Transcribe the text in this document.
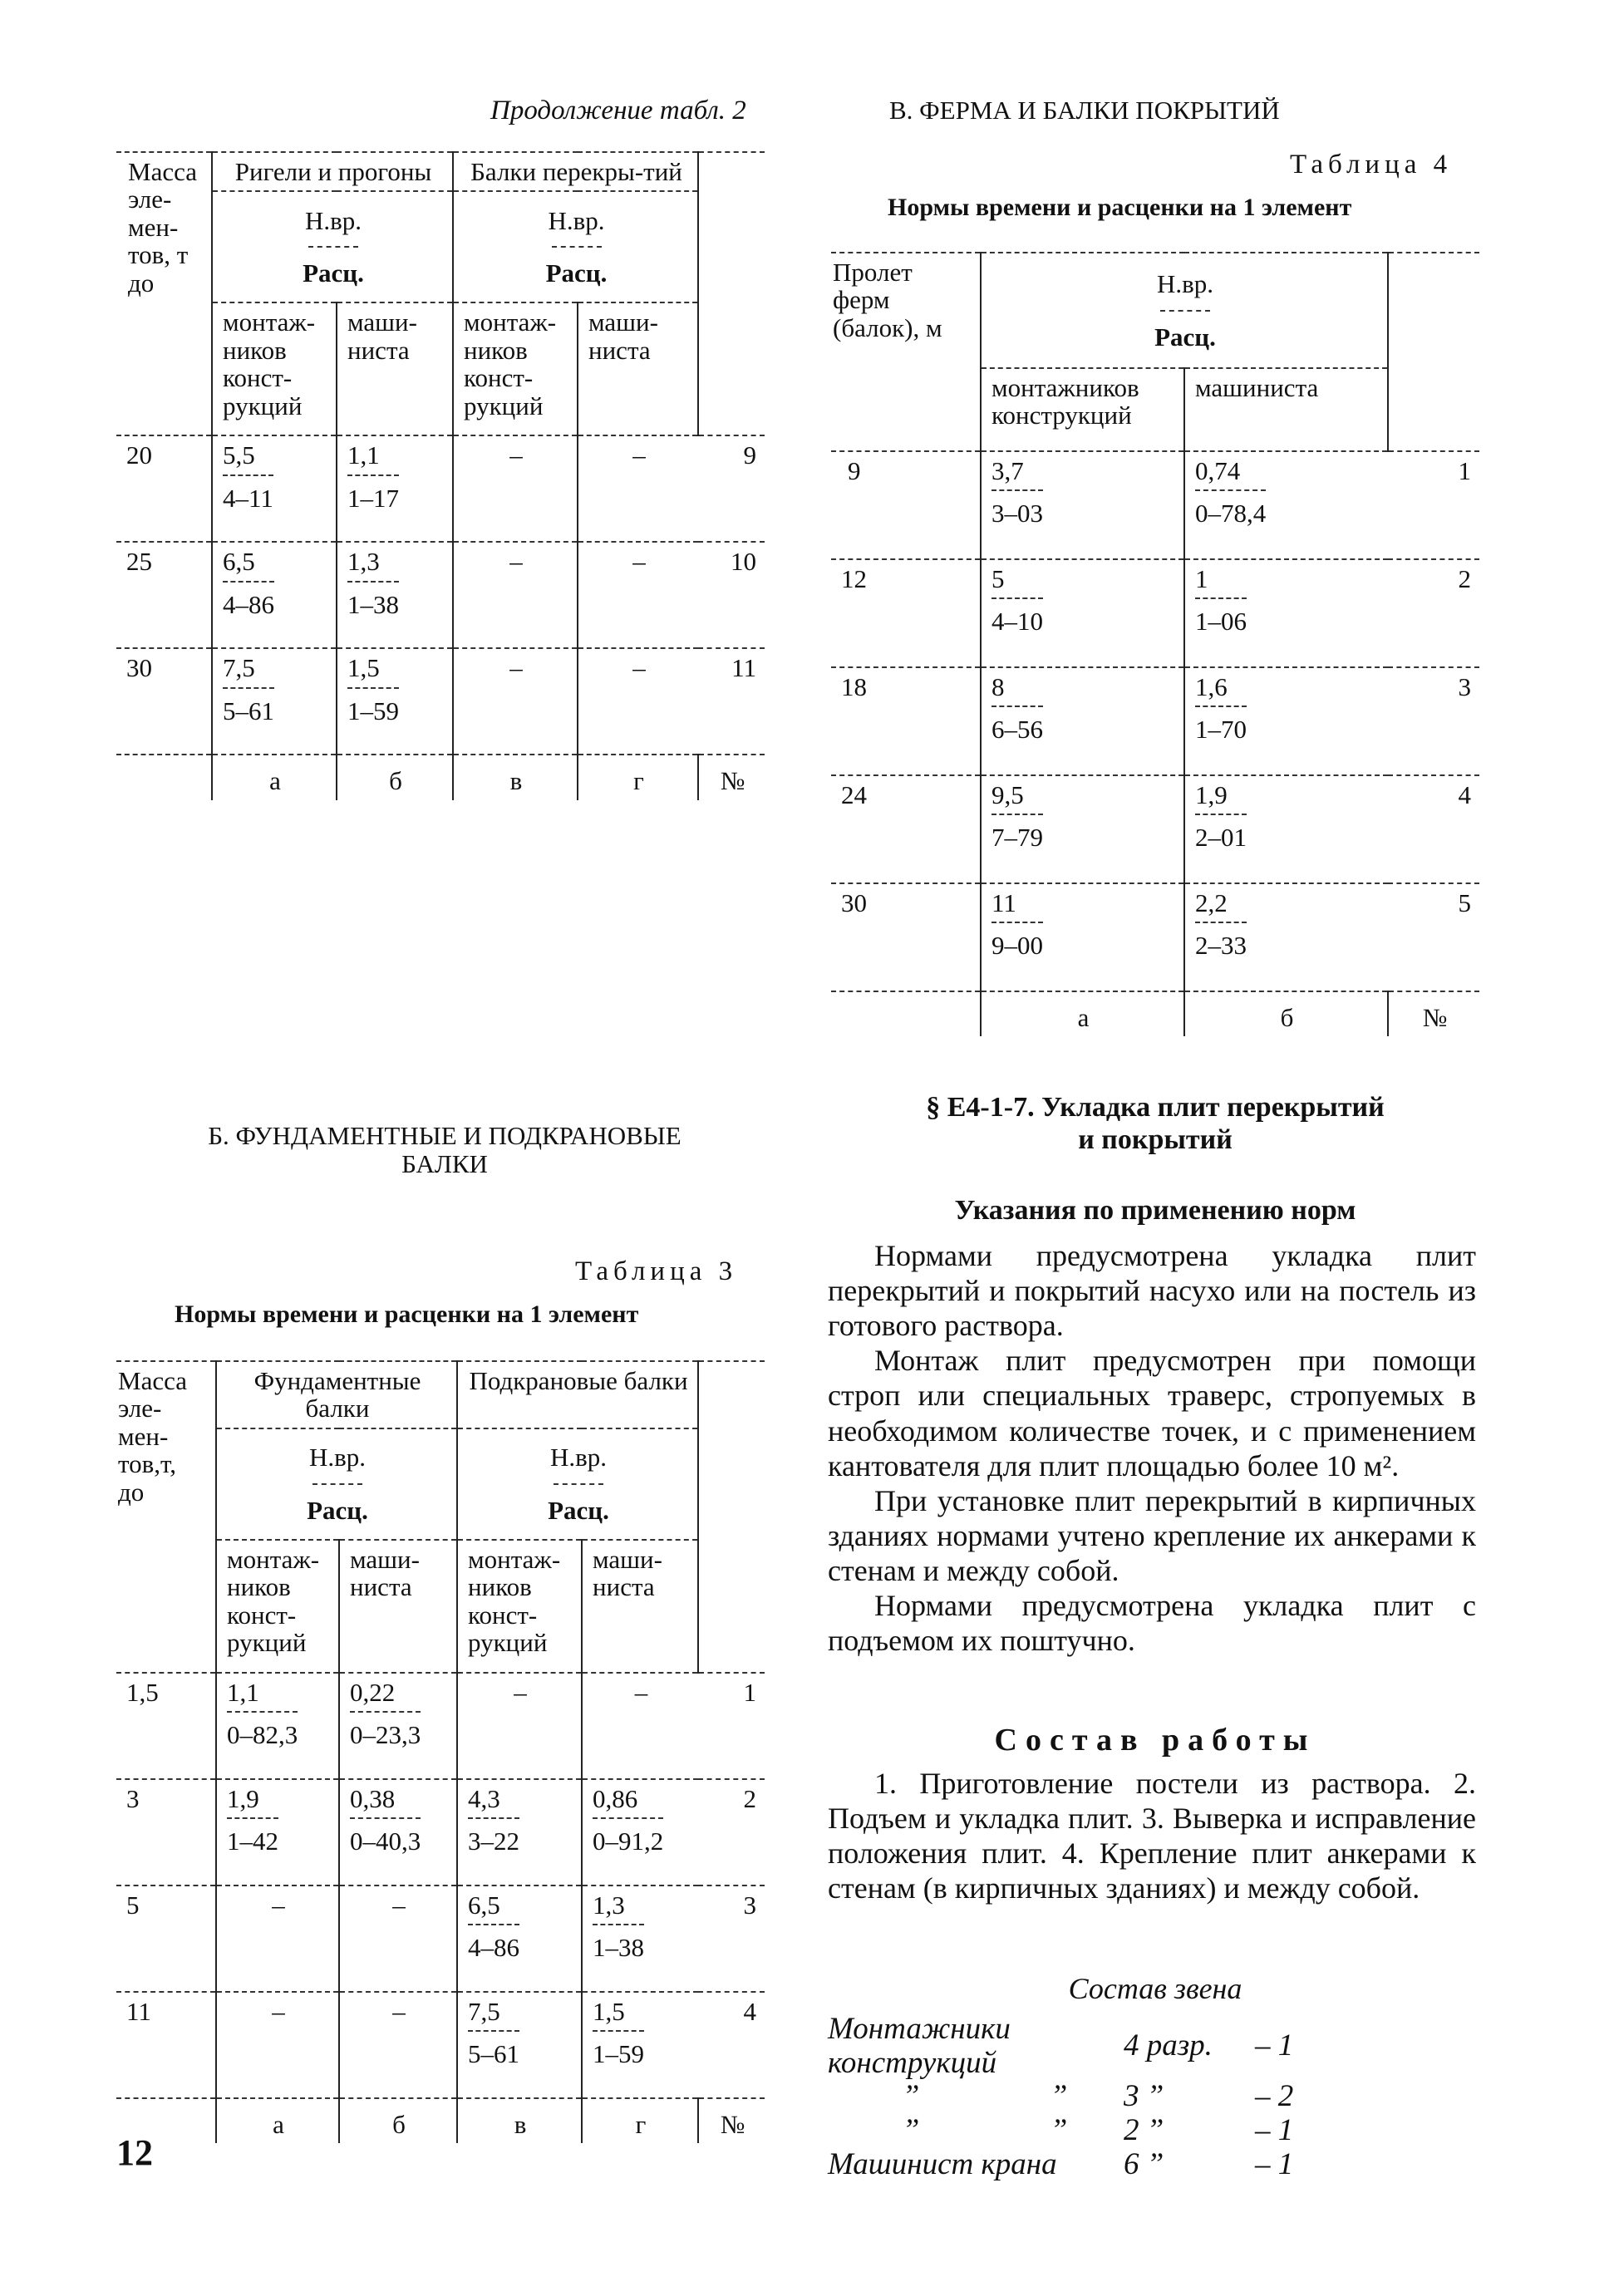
Продолжение табл. 2
Масса эле-мен-тов, т до	Ригели и прогоны		Балки перекры-тий		

	Н.вр.
Расц.		Н.вр.
Расц.		

	монтаж-ников конст-рукций	маши-ниста	монтаж-ников конст-рукций	маши-ниста	
20	$\frac{5,5}{4-11}$	$\frac{1,1}{1-17}$	–	–	9
25	$\frac{6,5}{4-86}$	$\frac{1,3}{1-38}$	–	–	10
30	$\frac{7,5}{5-61}$	$\frac{1,5}{1-59}$	–	–	11
	а	б	в	г	№
Б. ФУНДАМЕНТНЫЕ И ПОДКРАНОВЫЕ БАЛКИ
Таблица 3
Нормы времени и расценки на 1 элемент
Масса эле-мен-тов,т, до	Фундаментные балки		Подкрановые балки		

	Н.вр.
Расц.		Н.вр.
Расц.		

	монтаж-ников конст-рукций	маши-ниста	монтаж-ников конст-рукций	маши-ниста	
1,5	$\frac{1,1}{0-82,3}$	$\frac{0,22}{0-23,3}$	–	–	1
3	$\frac{1,9}{1-42}$	$\frac{0,38}{0-40,3}$	$\frac{4,3}{3-22}$	$\frac{0,86}{0-91,2}$	2
5	–	–	$\frac{6,5}{4-86}$	$\frac{1,3}{1-38}$	3
11	–	–	$\frac{7,5}{5-61}$	$\frac{1,5}{1-59}$	4
	а	б	в	г	№
12
В. ФЕРМА И БАЛКИ ПОКРЫТИЙ
Таблица 4
Нормы времени и расценки на 1 элемент
Пролет ферм (балок), м	Н.вр.
Расц.		

	монтажников конструкций	машиниста	
9	$\frac{3,7}{3-03}$	$\frac{0,74}{0-78,4}$	1
12	$\frac{5}{4-10}$	$\frac{1}{1-06}$	2
18	$\frac{8}{6-56}$	$\frac{1,6}{1-70}$	3
24	$\frac{9,5}{7-79}$	$\frac{1,9}{2-01}$	4
30	$\frac{11}{9-00}$	$\frac{2,2}{2-33}$	5
	а	б	№
§ Е4-1-7. Укладка плит перекрытий
и покрытий
Указания по применению норм

Нормами предусмотрена укладка плит перекрытий и покрытий насухо или на постель из готового раствора.

Монтаж плит предусмотрен при помощи строп или специальных траверс, стропуемых в необходимом количестве точек, и с применением кантователя для плит площадью более 10 м².

При установке плит перекрытий в кирпичных зданиях нормами учтено крепление их анкерами к стенам и между собой.

Нормами предусмотрена укладка плит с подъемом их поштучно.

Состав работы

1. Приготовление постели из раствора. 2. Подъем и укладка плит. 3. Выверка и исправление положения плит. 4. Крепление плит анкерами к стенам (в кирпичных зданиях) и между собой.

Состав звена
Монтажники конструкций		4 разр.	– 1
”	”	3 ”	– 2
”	”	2 ”	– 1
Машинист крана		6 ”	– 1
